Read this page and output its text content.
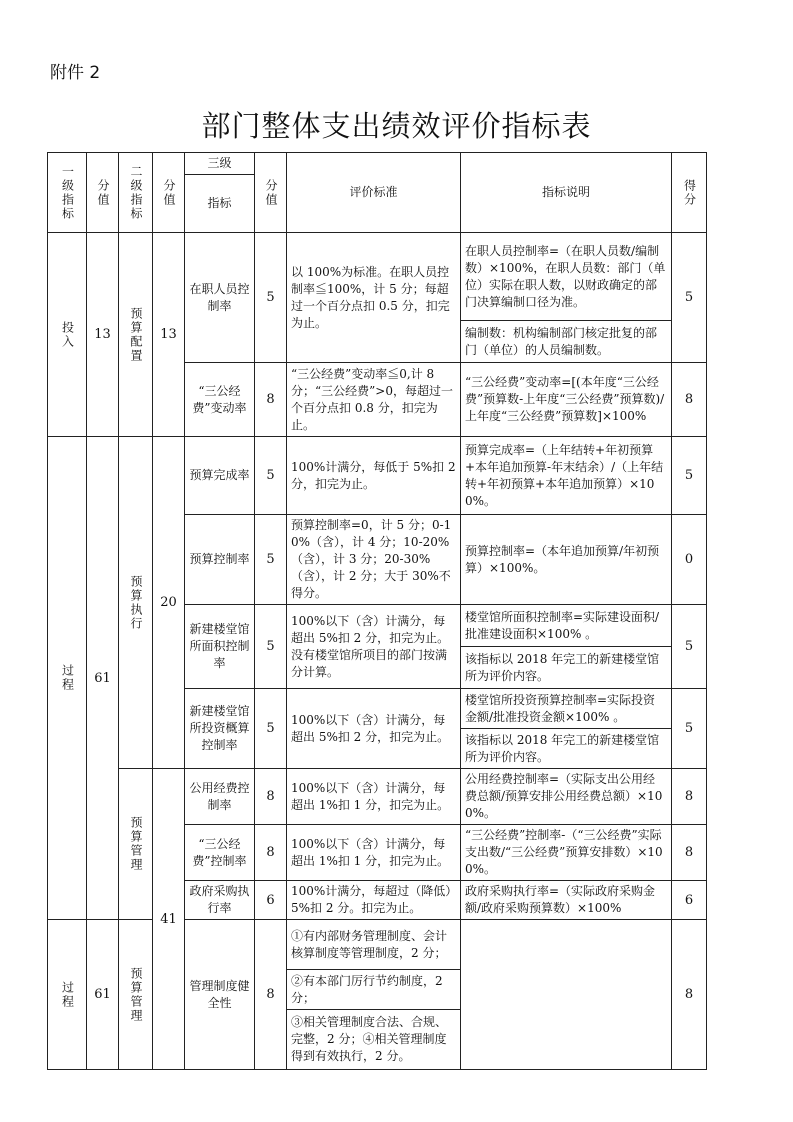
附件 2
部门整体支出绩效评价指标表
一级指标	分值	二级指标	分值	三级	分值	评价标准	指标说明	得分
				指标				
投入	13	预算配置	13	在职人员控制率	5	以 100%为标准。在职人员控制率≦100%，计 5 分；每超过一个百分点扣 0.5 分，扣完为止。	在职人员控制率=（在职人员数/编制数）×100%，在职人员数：部门（单位）实际在职人数，以财政确定的部门决算编制口径为准。	5
							编制数：机构编制部门核定批复的部门（单位）的人员编制数。	
				“三公经费”变动率	8	“三公经费”变动率≦0,计 8 分；“三公经费”>0，每超过一个百分点扣 0.8 分，扣完为止。	“三公经费”变动率=[(本年度“三公经费”预算数-上年度“三公经费”预算数)/上年度“三公经费”预算数]×100%	8
过程	61	预算执行	20	预算完成率	5	100%计满分，每低于 5%扣 2 分，扣完为止。	预算完成率=（上年结转+年初预算+本年追加预算-年末结余）/（上年结转+年初预算+本年追加预算）×100%。	5
				预算控制率	5	预算控制率=0，计 5 分；0-10%（含），计 4 分；10-20%（含），计 3 分；20-30%（含），计 2 分；大于 30%不得分。	预算控制率=（本年追加预算/年初预算）×100%。	0
				新建楼堂馆所面积控制率	5	100%以下（含）计满分，每超出 5%扣 2 分，扣完为止。没有楼堂馆所项目的部门按满分计算。	楼堂馆所面积控制率=实际建设面积/批准建设面积×100% 。	5
							该指标以 2018 年完工的新建楼堂馆所为评价内容。	
				新建楼堂馆所投资概算控制率	5	100%以下（含）计满分，每超出 5%扣 2 分，扣完为止。	楼堂馆所投资预算控制率=实际投资金额/批准投资金额×100% 。	5
							该指标以 2018 年完工的新建楼堂馆所为评价内容。	
		预算管理	41	公用经费控制率	8	100%以下（含）计满分，每超出 1%扣 1 分，扣完为止。	公用经费控制率=（实际支出公用经费总额/预算安排公用经费总额）×100%。	8
				“三公经费”控制率	8	100%以下（含）计满分，每超出 1%扣 1 分，扣完为止。	“三公经费”控制率-（“三公经费”实际支出数/“三公经费”预算安排数）×100%。	8
				政府采购执行率	6	100%计满分，每超过（降低）5%扣 2 分。扣完为止。	政府采购执行率=（实际政府采购金额/政府采购预算数）×100%	6
过程	61	预算管理		管理制度健全性	8	①有内部财务管理制度、会计核算制度等管理制度，2 分；		8
						②有本部门厉行节约制度，2 分；		
						③相关管理制度合法、合规、完整，2 分；④相关管理制度得到有效执行，2 分。		
